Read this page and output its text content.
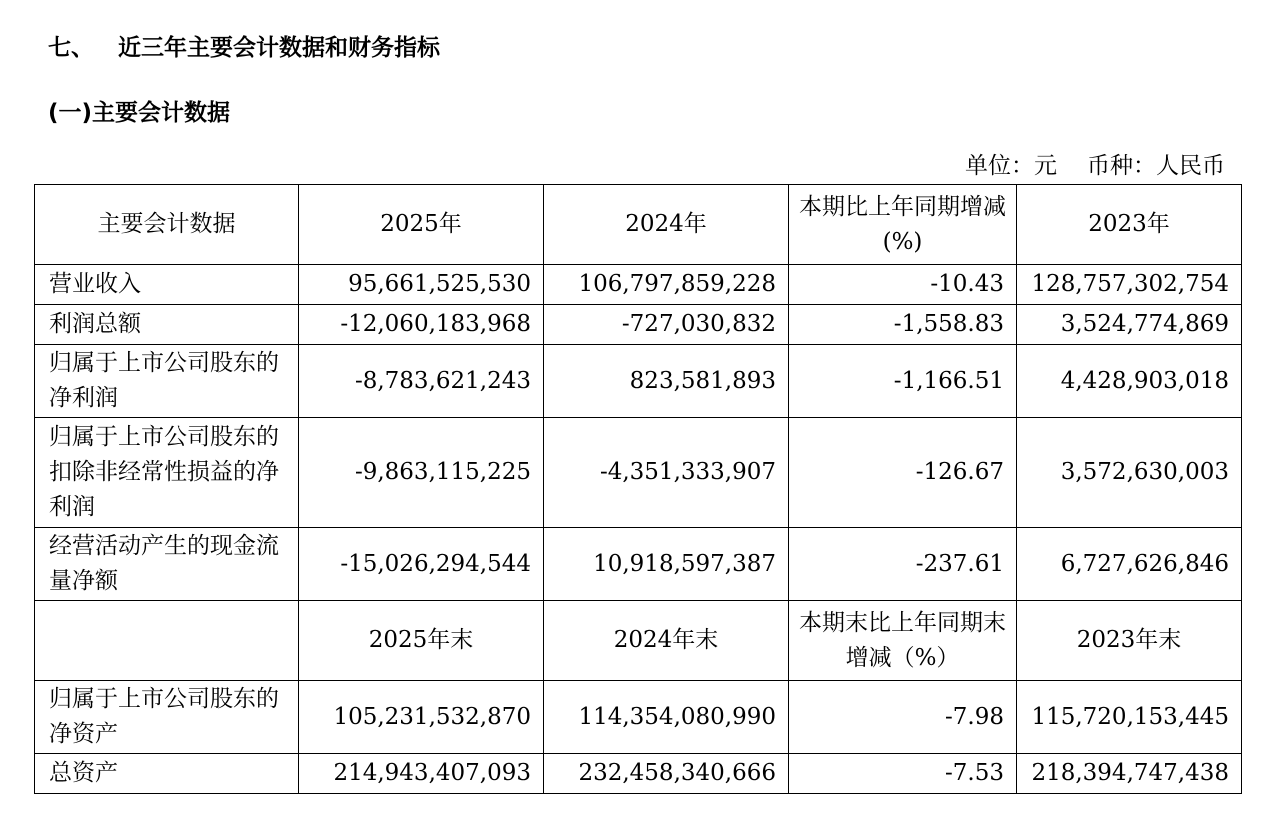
七、 近三年主要会计数据和财务指标
(一)主要会计数据
单位：元 币种：人民币
主要会计数据	2025年	2024年	本期比上年同期增减(%)	2023年
营业收入	95,661,525,530	106,797,859,228	-10.43	128,757,302,754
利润总额	-12,060,183,968	-727,030,832	-1,558.83	3,524,774,869
归属于上市公司股东的净利润	-8,783,621,243	823,581,893	-1,166.51	4,428,903,018
归属于上市公司股东的扣除非经常性损益的净利润	-9,863,115,225	-4,351,333,907	-126.67	3,572,630,003
经营活动产生的现金流量净额	-15,026,294,544	10,918,597,387	-237.61	6,727,626,846
	2025年末	2024年末	本期末比上年同期末增减（%）	2023年末
归属于上市公司股东的净资产	105,231,532,870	114,354,080,990	-7.98	115,720,153,445
总资产	214,943,407,093	232,458,340,666	-7.53	218,394,747,438
